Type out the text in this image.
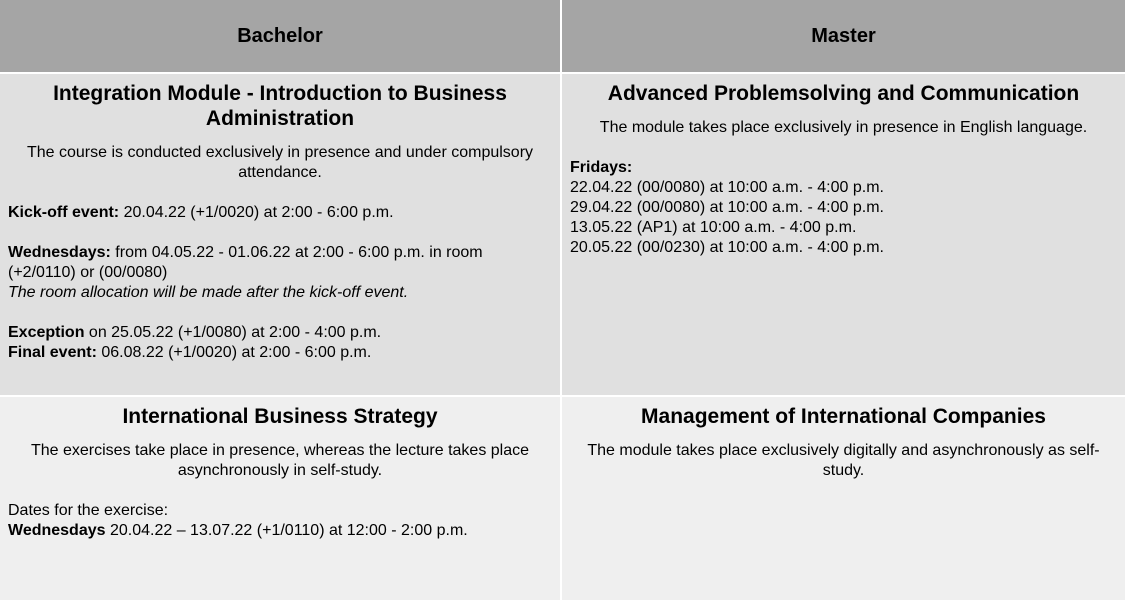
Bachelor	Master
Integration Module - Introduction to Business Administration

The course is conducted exclusively in presence and under compulsory attendance.

Kick-off event: 20.04.22 (+1/0020) at 2:00 - 6:00 p.m.

Wednesdays: from 04.05.22 - 01.06.22 at 2:00 - 6:00 p.m. in room (+2/0110) or (00/0080)

The room allocation will be made after the kick-off event.

Exception on 25.05.22 (+1/0080) at 2:00 - 4:00 p.m.

Final event: 06.08.22 (+1/0020) at 2:00 - 6:00 p.m.

Advanced Problemsolving and Communication

The module takes place exclusively in presence in English language.

Fridays:

22.04.22 (00/0080) at 10:00 a.m. - 4:00 p.m.

29.04.22 (00/0080) at 10:00 a.m. - 4:00 p.m.

13.05.22 (AP1) at 10:00 a.m. - 4:00 p.m.

20.05.22 (00/0230) at 10:00 a.m. - 4:00 p.m.

International Business Strategy

The exercises take place in presence, whereas the lecture takes place asynchronously in self-study.

Dates for the exercise:

Wednesdays 20.04.22 – 13.07.22 (+1/0110) at 12:00 - 2:00 p.m.

Management of International Companies

The module takes place exclusively digitally and asynchronously as self-study.
